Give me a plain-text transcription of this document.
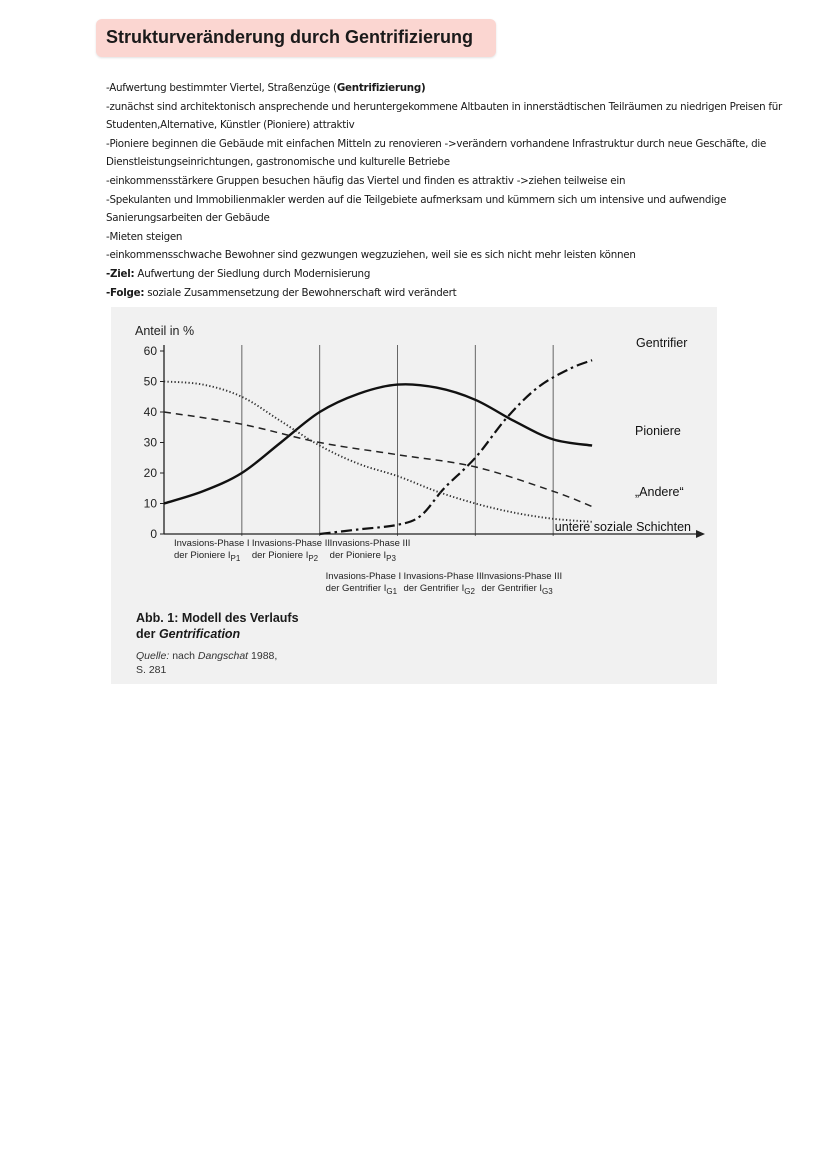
Strukturveränderung durch Gentrifizierung

-Aufwertung bestimmter Viertel, Straßenzüge (Gentrifizierung)

-zunächst sind architektonisch ansprechende und heruntergekommene Altbauten in innerstädtischen Teilräumen zu niedrigen Preisen für Studenten,Alternative, Künstler (Pioniere) attraktiv

-Pioniere beginnen die Gebäude mit einfachen Mitteln zu renovieren ->verändern vorhandene Infrastruktur durch neue Geschäfte, die Dienstleistungseinrichtungen, gastronomische und kulturelle Betriebe

-einkommensstärkere Gruppen besuchen häufig das Viertel und finden es attraktiv ->ziehen teilweise ein

-Spekulanten und Immobilienmakler werden auf die Teilgebiete aufmerksam und kümmern sich um intensive und aufwendige Sanierungsarbeiten der Gebäude

-Mieten steigen

-einkommensschwache Bewohner sind gezwungen wegzuziehen, weil sie es sich nicht mehr leisten können

-Ziel: Aufwertung der Siedlung durch Modernisierung

-Folge: soziale Zusammensetzung der Bewohnerschaft wird verändert

Anteil in %
0
10
20
30
40
50
60
Pioniere
Gentrifier
„Andere“
untere soziale Schichten
Invasions-Phase I
der Pioniere $I_{P1}$
Invasions-Phase II
der Pioniere $I_{P2}$
Invasions-Phase III
der Pioniere $I_{P3}$
Invasions-Phase I
der Gentrifier $I_{G1}$
Invasions-Phase II
der Gentrifier $I_{G2}$
Invasions-Phase III
der Gentrifier $I_{G3}$
Abb. 1: Modell des Verlaufs
der Gentrification
Quelle: nach Dangschat 1988,
S. 281
